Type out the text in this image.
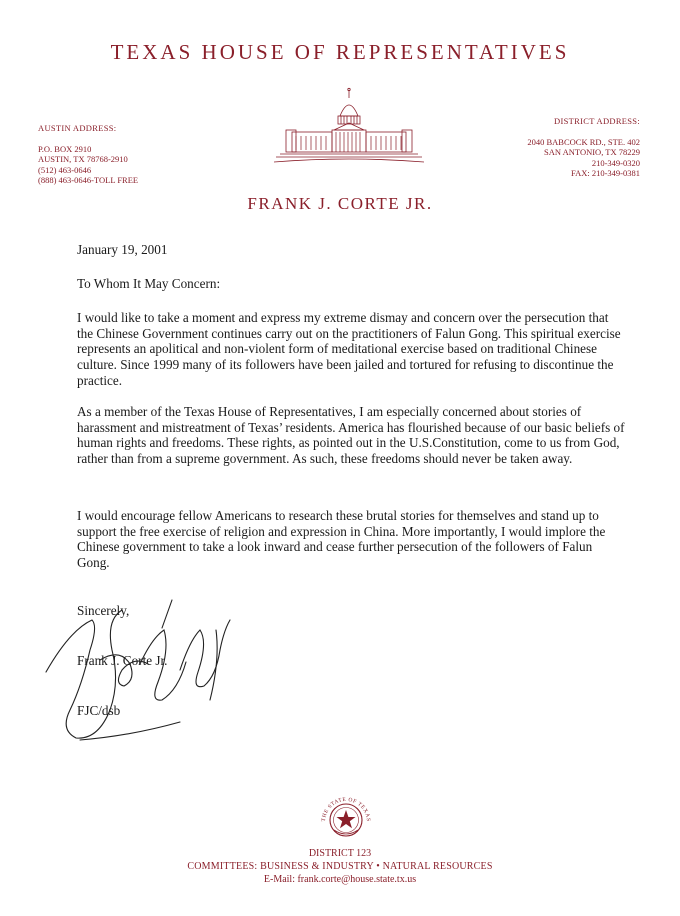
TEXAS HOUSE OF REPRESENTATIVES
AUSTIN ADDRESS:
P.O. BOX 2910
AUSTIN, TX 78768-2910
(512) 463-0646
(888) 463-0646-TOLL FREE
DISTRICT ADDRESS:
2040 BABCOCK RD., STE. 402
SAN ANTONIO, TX 78229
210-349-0320
FAX: 210-349-0381
FRANK J. CORTE JR.
January 19, 2001
To Whom It May Concern:
I would like to take a moment and express my extreme dismay and concern over the persecution that the Chinese Government continues carry out on the practitioners of Falun Gong. This spiritual exercise represents an apolitical and non-violent form of meditational exercise based on traditional Chinese culture. Since 1999 many of its followers have been jailed and tortured for refusing to discontinue the practice.
As a member of the Texas House of Representatives, I am especially concerned about stories of harassment and mistreatment of Texas’ residents. America has flourished because of our basic beliefs of human rights and freedoms. These rights, as pointed out in the U.S.Constitution, come to us from God, rather than from a supreme government. As such, these freedoms should never be taken away.
I would encourage fellow Americans to research these brutal stories for themselves and stand up to support the free exercise of religion and expression in China. More importantly, I would implore the Chinese government to take a look inward and cease further persecution of the followers of Falun Gong.
Sincerely,
Frank J. Corte Jr.
FJC/dsb
THE STATE OF TEXAS
DISTRICT 123
COMMITTEES: BUSINESS & INDUSTRY • NATURAL RESOURCES
E-Mail: frank.corte@house.state.tx.us
